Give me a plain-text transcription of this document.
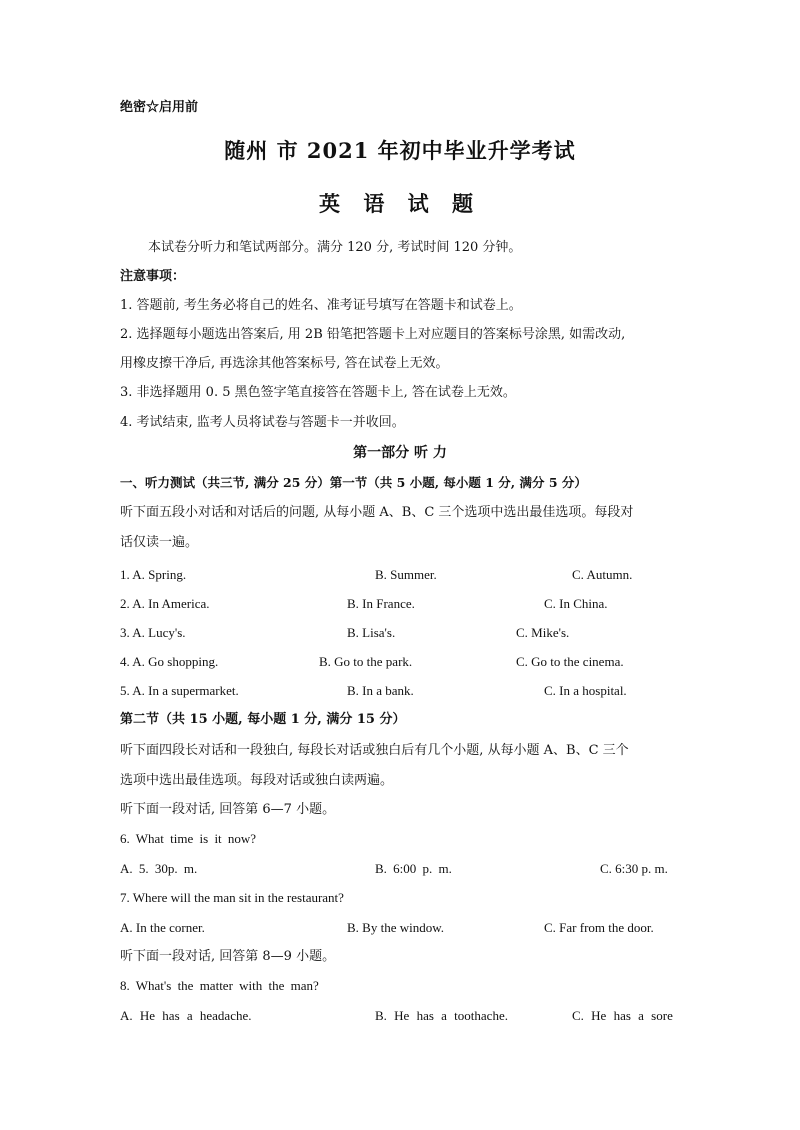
绝密☆启用前
随州 市 2021 年初中毕业升学考试
英 语 试 题
本试卷分听力和笔试两部分。满分 120 分, 考试时间 120 分钟。
注意事项：
1. 答题前, 考生务必将自己的姓名、准考证号填写在答题卡和试卷上。
2. 选择题每小题选出答案后, 用 2B 铅笔把答题卡上对应题目的答案标号涂黑, 如需改动,
用橡皮擦干净后, 再选涂其他答案标号, 答在试卷上无效。
3. 非选择题用 0. 5 黑色签字笔直接答在答题卡上, 答在试卷上无效。
4. 考试结束, 监考人员将试卷与答题卡一并收回。
第一部分 听 力
一、听力测试（共三节, 满分 25 分）第一节（共 5 小题, 每小题 1 分, 满分 5 分）
听下面五段小对话和对话后的问题, 从每小题 A、B、C 三个选项中选出最佳选项。每段对
话仅读一遍。
1. A. Spring.	B. Summer.	C. Autumn.
2. A. In America.	B. In France.	C. In China.
3. A. Lucy's.	B. Lisa's.	C. Mike's.
4. A. Go shopping.	B. Go to the park.	C. Go to the cinema.
5. A. In a supermarket.	B. In a bank.	C. In a hospital.
第二节（共 15 小题, 每小题 1 分, 满分 15 分）
听下面四段长对话和一段独白, 每段长对话或独白后有几个小题, 从每小题 A、B、C 三个
选项中选出最佳选项。每段对话或独白读两遍。
听下面一段对话, 回答第 6—7 小题。
6. What time is it now?
A. 5. 30p. m.	B. 6:00 p. m.	C. 6:30 p. m.
7. Where will the man sit in the restaurant?
A. In the corner.	B. By the window.	C. Far from the door.
听下面一段对话, 回答第 8—9 小题。
8. What's the matter with the man?
A. He has a headache.	B. He has a toothache.	C. He has a sore
